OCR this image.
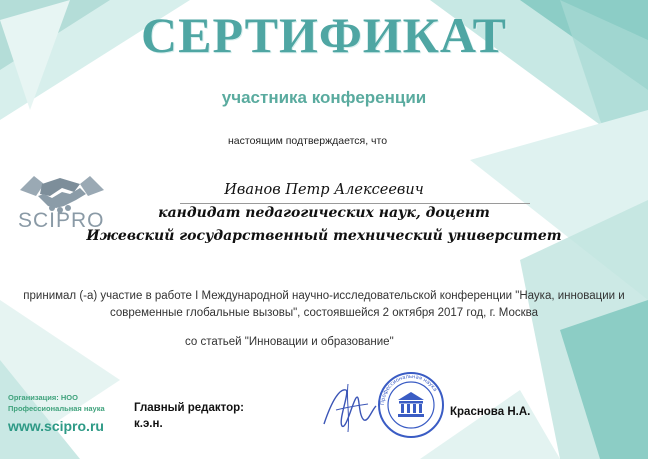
СЕРТИФИКАТ
участника конференции
настоящим подтверждается, что
SCIPRO
Иванов Петр Алексеевич
кандидат педагогических наук, доцент
Ижевский государственный технический университет
принимал (-а) участие в работе I Международной научно-исследовательской конференции "Наука, инновации и
современные глобальные вызовы", состоявшейся 2 октября 2017 год, г. Москва
со статьей "Инновации и образование"
Организация: НОО
Профессиональная наука
www.scipro.ru
Главный редактор:
к.э.н.
Профессиональная наука
Краснова Н.А.
